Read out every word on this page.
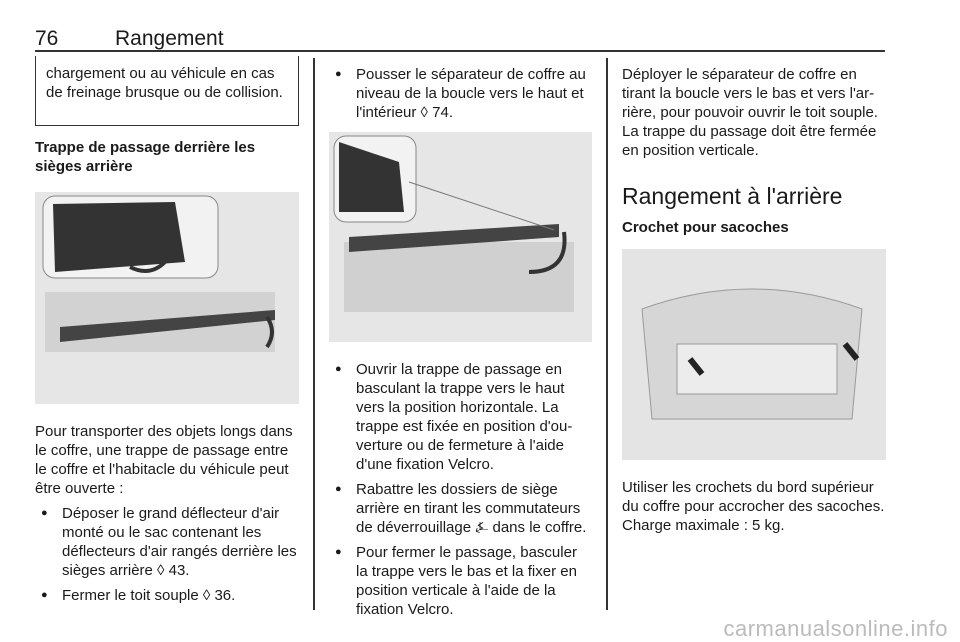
76	Rangement
chargement ou au véhicule en cas de freinage brusque ou de collision.
Trappe de passage derrière les sièges arrière

Pour transporter des objets longs dans le coffre, une trappe de passage entre le coffre et l'habitacle du véhicule peut être ouverte :

● Déposer le grand déflecteur d'air monté ou le sac contenant les déflecteurs d'air rangés derrière les sièges arrière ◊ 43.
● Fermer le toit souple ◊ 36.
● Pousser le séparateur de coffre au niveau de la boucle vers le haut et l'intérieur ◊ 74.
● Ouvrir la trappe de passage en basculant la trappe vers le haut vers la position horizontale. La trappe est fixée en position d'ouverture ou de fermeture à l'aide d'une fixation Velcro.
● Rabattre les dossiers de siège arrière en tirant les commutateurs de déverrouillage ⍼ dans le coffre.
● Pour fermer le passage, basculer la trappe vers le bas et la fixer en position verticale à l'aide de la fixation Velcro.

Déployer le séparateur de coffre en tirant la boucle vers le bas et vers l'arrière, pour pouvoir ouvrir le toit souple. La trappe du passage doit être fermée en position verticale.

Rangement à l'arrière
Crochet pour sacoches

Utiliser les crochets du bord supérieur du coffre pour accrocher des sacoches. Charge maximale : 5 kg.

carmanualsonline.info
